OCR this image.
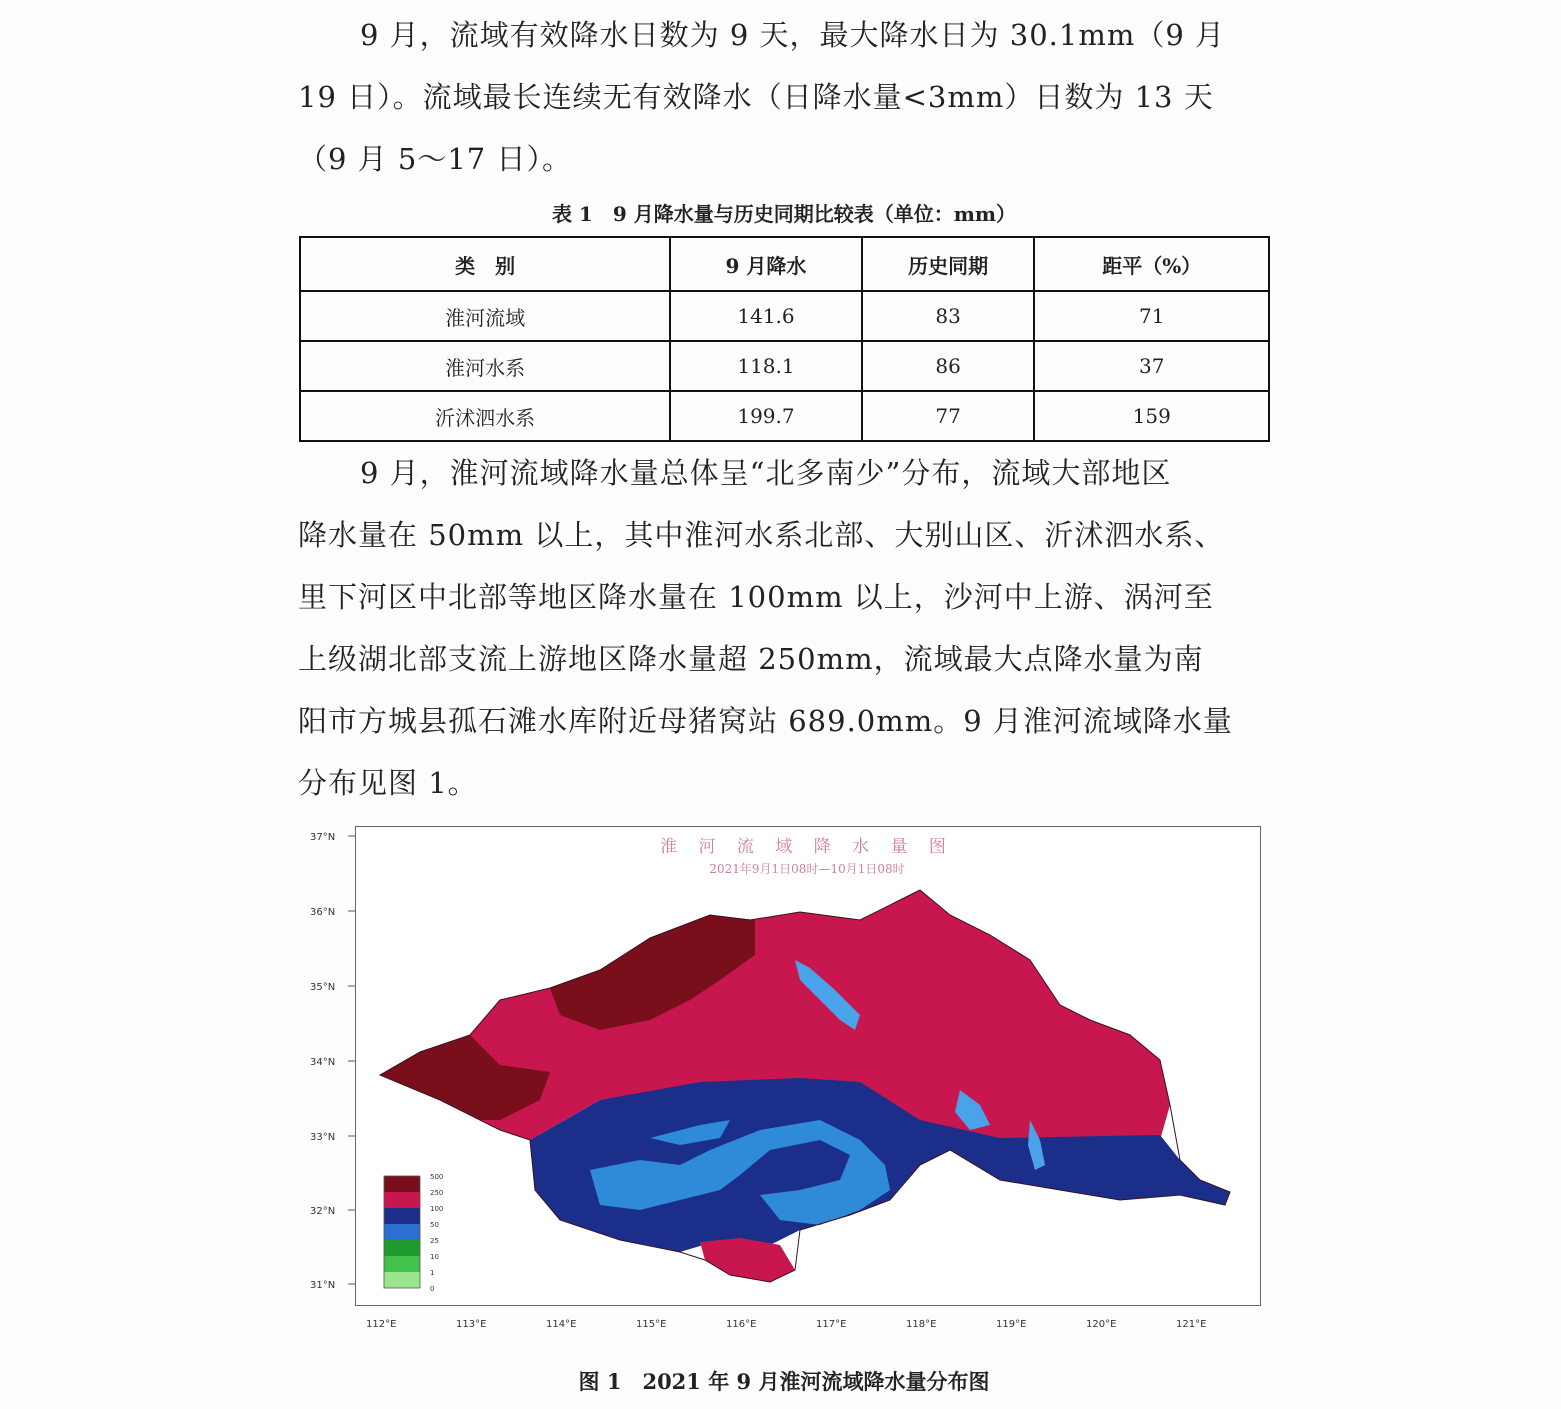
9 月，流域有效降水日数为 9 天，最大降水日为 30.1mm（9 月
19 日）。流域最长连续无有效降水（日降水量<3mm）日数为 13 天
（9 月 5～17 日）。

表 1　9 月降水量与历史同期比较表（单位：mm）
类　别	9 月降水	历史同期	距平（%）
淮河流域	141.6	83	71
淮河水系	118.1	86	37
沂沭泗水系	199.7	77	159

9 月，淮河流域降水量总体呈“北多南少”分布，流域大部地区
降水量在 50mm 以上，其中淮河水系北部、大别山区、沂沭泗水系、
里下河区中北部等地区降水量在 100mm 以上，沙河中上游、涡河至
上级湖北部支流上游地区降水量超 250mm，流域最大点降水量为南
阳市方城县孤石滩水库附近母猪窝站 689.0mm。9 月淮河流域降水量
分布见图 1。

37°N
36°N
35°N
34°N
33°N
32°N
31°N
112°E	113°E	114°E	115°E	116°E	117°E	118°E	119°E	120°E	121°E
500
250
100
50
25
10
1
0
淮 河 流 域 降 水 量 图
2021年9月1日08时—10月1日08时
图 1　2021 年 9 月淮河流域降水量分布图
